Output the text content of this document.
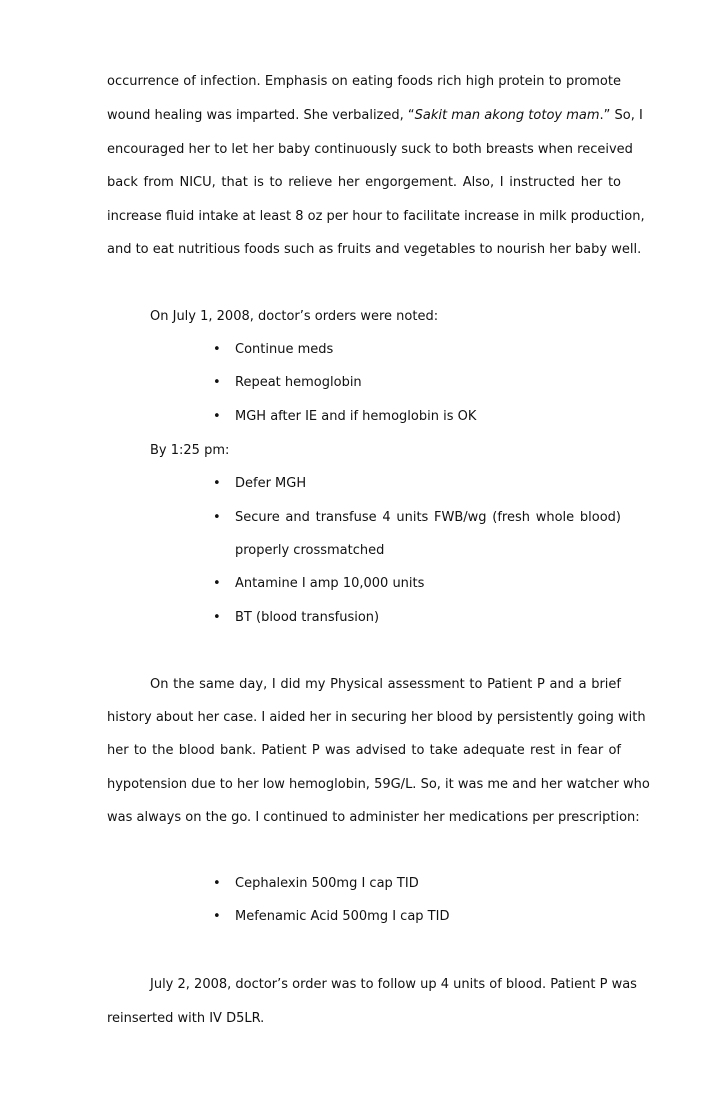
occurrence of infection. Emphasis on eating foods rich high protein to promote
wound healing was imparted. She verbalized, “Sakit man akong totoy mam.” So, I
encouraged her to let her baby continuously suck to both breasts when received
back from NICU, that is to relieve her engorgement. Also, I instructed her to
increase fluid intake at least 8 oz per hour to facilitate increase in milk production,
and to eat nutritious foods such as fruits and vegetables to nourish her baby well.
On July 1, 2008, doctor’s orders were noted:
• Continue meds
• Repeat hemoglobin
• MGH after IE and if hemoglobin is OK
By 1:25 pm:
• Defer MGH
• Secure and transfuse 4 units FWB/wg (fresh whole blood)
properly crossmatched
• Antamine I amp 10,000 units
• BT (blood transfusion)
On the same day, I did my Physical assessment to Patient P and a brief
history about her case. I aided her in securing her blood by persistently going with
her to the blood bank. Patient P was advised to take adequate rest in fear of
hypotension due to her low hemoglobin, 59G/L. So, it was me and her watcher who
was always on the go. I continued to administer her medications per prescription:
• Cephalexin 500mg I cap TID
• Mefenamic Acid 500mg I cap TID
July 2, 2008, doctor’s order was to follow up 4 units of blood. Patient P was
reinserted with IV D5LR.
